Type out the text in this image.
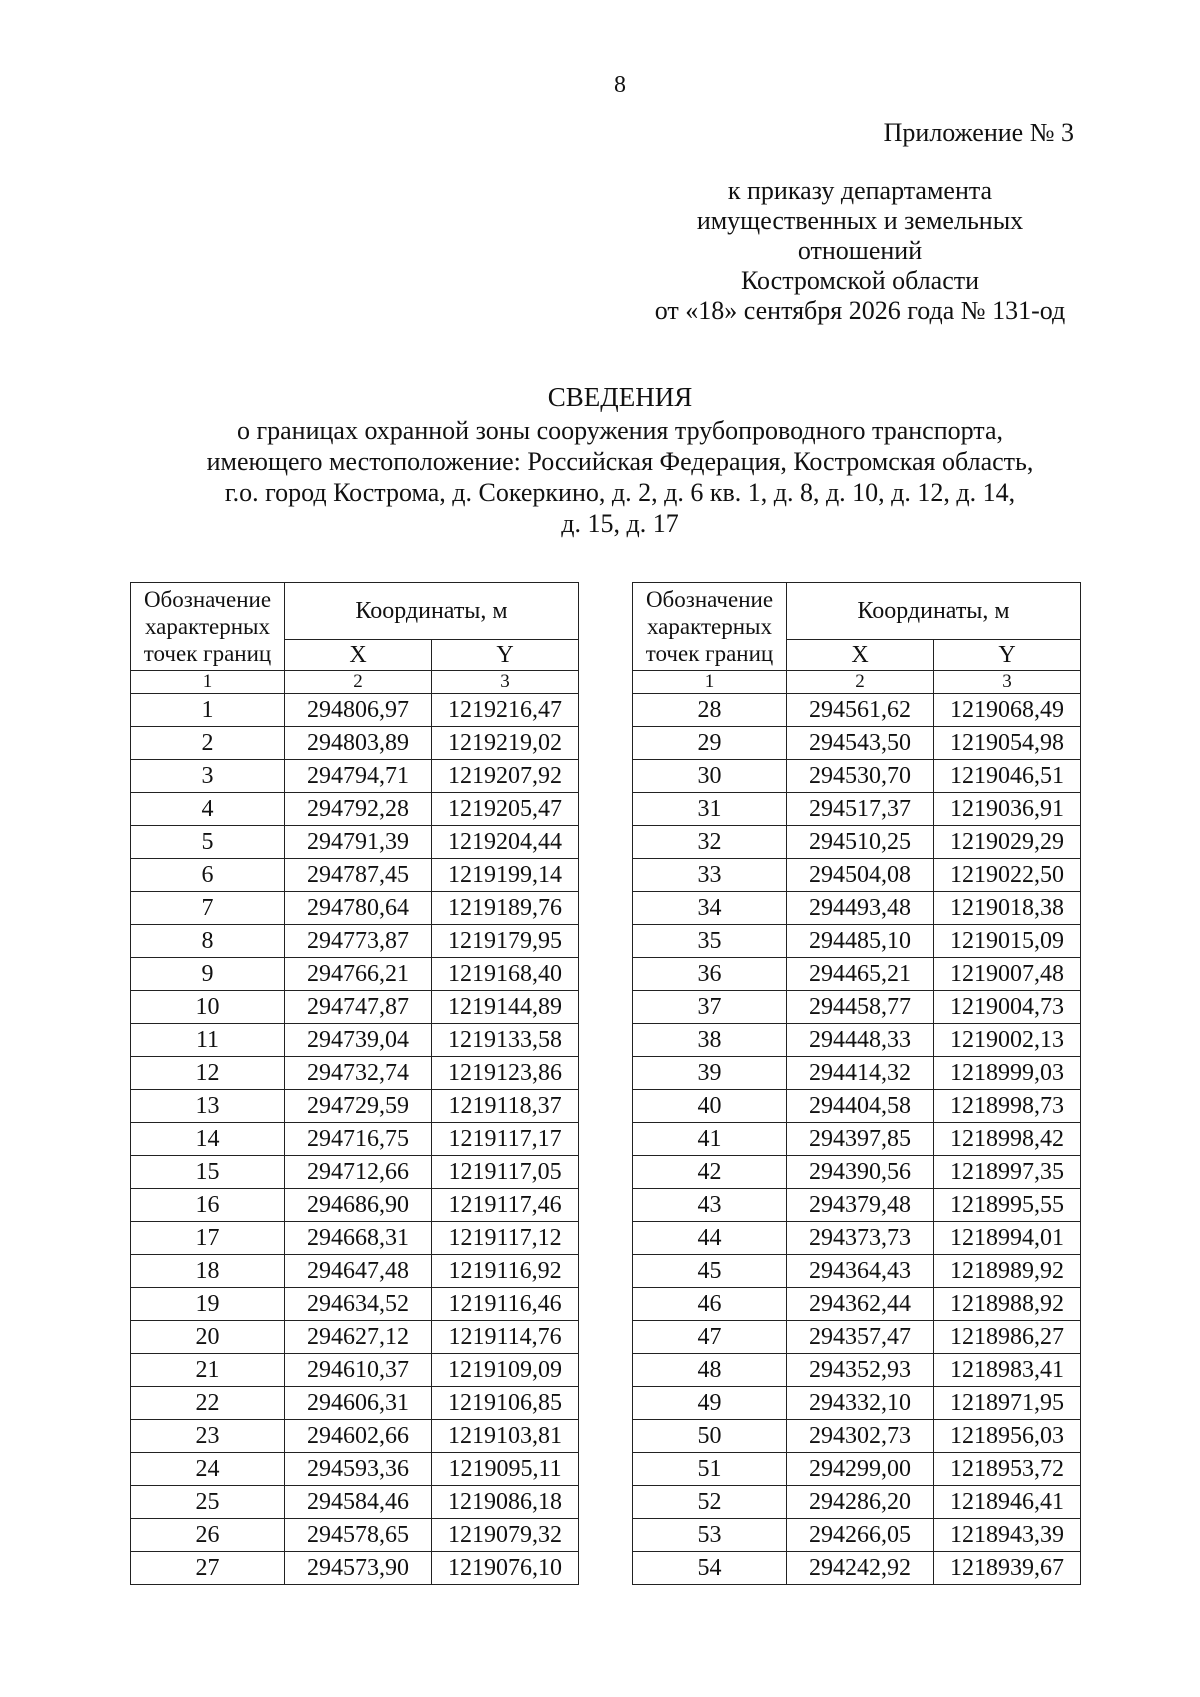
8
Приложение № 3
к приказу департамента
имущественных и земельных
отношений
Костромской области
от «18» сентября 2026 года № 131-од
СВЕДЕНИЯ
о границах охранной зоны сооружения трубопроводного транспорта,
имеющего местоположение: Российская Федерация, Костромская область,
г.о. город Кострома, д. Сокеркино, д. 2, д. 6 кв. 1, д. 8, д. 10, д. 12, д. 14,
д. 15, д. 17
Обозначение
характерных
точек границ	Координаты, м	
	X	Y
1	2	3
1	294806,97	1219216,47
2	294803,89	1219219,02
3	294794,71	1219207,92
4	294792,28	1219205,47
5	294791,39	1219204,44
6	294787,45	1219199,14
7	294780,64	1219189,76
8	294773,87	1219179,95
9	294766,21	1219168,40
10	294747,87	1219144,89
11	294739,04	1219133,58
12	294732,74	1219123,86
13	294729,59	1219118,37
14	294716,75	1219117,17
15	294712,66	1219117,05
16	294686,90	1219117,46
17	294668,31	1219117,12
18	294647,48	1219116,92
19	294634,52	1219116,46
20	294627,12	1219114,76
21	294610,37	1219109,09
22	294606,31	1219106,85
23	294602,66	1219103,81
24	294593,36	1219095,11
25	294584,46	1219086,18
26	294578,65	1219079,32
27	294573,90	1219076,10
Обозначение
характерных
точек границ	Координаты, м	
	X	Y
1	2	3
28	294561,62	1219068,49
29	294543,50	1219054,98
30	294530,70	1219046,51
31	294517,37	1219036,91
32	294510,25	1219029,29
33	294504,08	1219022,50
34	294493,48	1219018,38
35	294485,10	1219015,09
36	294465,21	1219007,48
37	294458,77	1219004,73
38	294448,33	1219002,13
39	294414,32	1218999,03
40	294404,58	1218998,73
41	294397,85	1218998,42
42	294390,56	1218997,35
43	294379,48	1218995,55
44	294373,73	1218994,01
45	294364,43	1218989,92
46	294362,44	1218988,92
47	294357,47	1218986,27
48	294352,93	1218983,41
49	294332,10	1218971,95
50	294302,73	1218956,03
51	294299,00	1218953,72
52	294286,20	1218946,41
53	294266,05	1218943,39
54	294242,92	1218939,67
